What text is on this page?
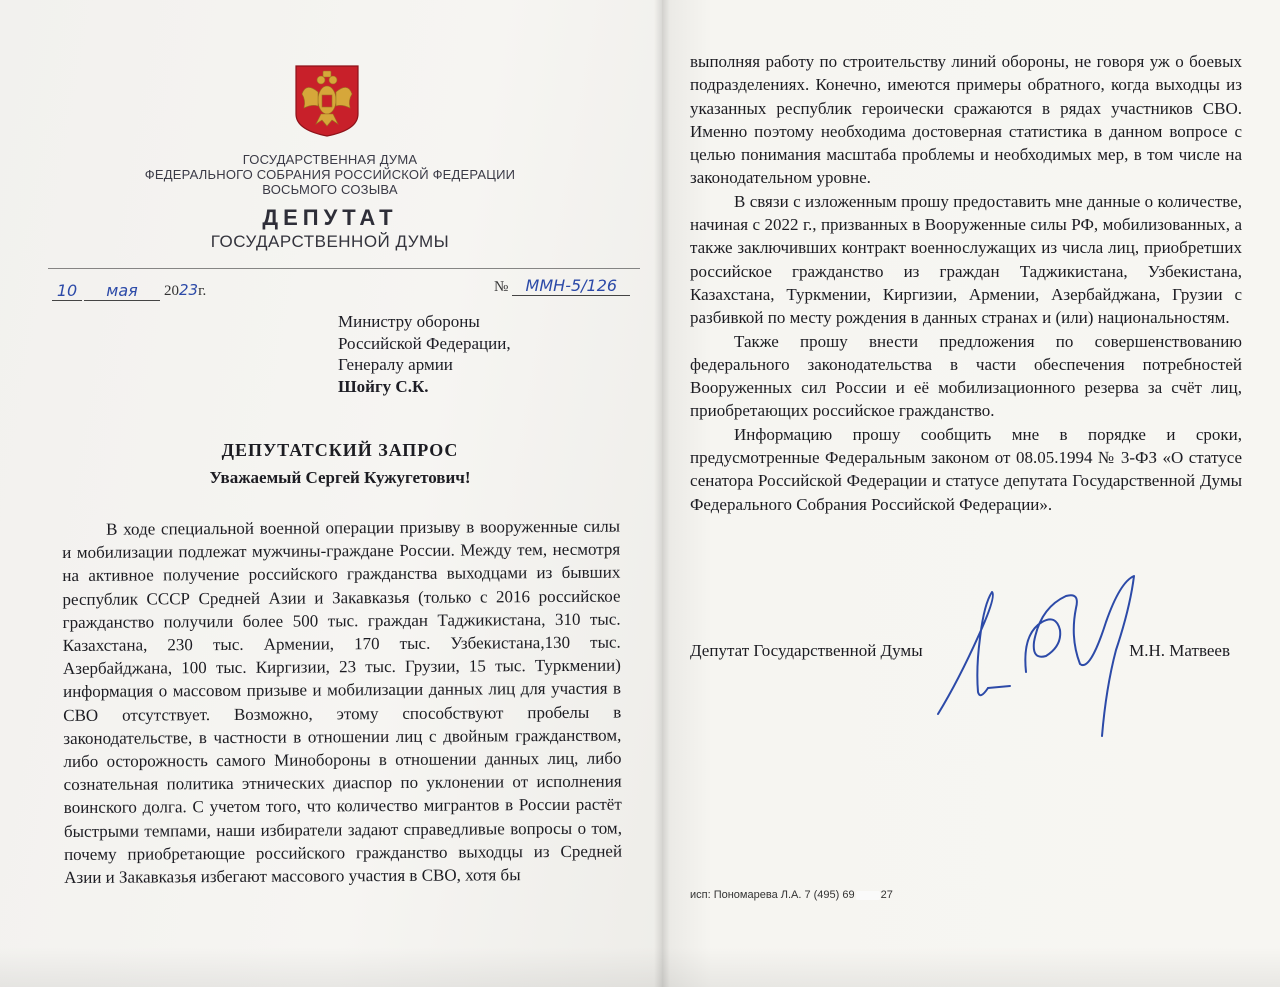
ГОСУДАРСТВЕННАЯ ДУМА
ФЕДЕРАЛЬНОГО СОБРАНИЯ РОССИЙСКОЙ ФЕДЕРАЦИИ
ВОСЬМОГО СОЗЫВА
ДЕПУТАТ
ГОСУДАРСТВЕННОЙ ДУМЫ
10	мая	2023г.	№ ММН-5/126
Министру обороны
Российской Федерации,
Генералу армии
Шойгу С.К.
ДЕПУТАТСКИЙ ЗАПРОС
Уважаемый Сергей Кужугетович!

В ходе специальной военной операции призыву в вооруженные силы и мобилизации подлежат мужчины-граждане России. Между тем, несмотря на активное получение российского гражданства выходцами из бывших республик СССР Средней Азии и Закавказья (только с 2016 российское гражданство получили более 500 тыс. граждан Таджикистана, 310 тыс. Казахстана, 230 тыс. Армении, 170 тыс. Узбекистана,130 тыс. Азербайджана, 100 тыс. Киргизии, 23 тыс. Грузии, 15 тыс. Туркмении) информация о массовом призыве и мобилизации данных лиц для участия в СВО отсутствует. Возможно, этому способствуют пробелы в законодательстве, в частности в отношении лиц с двойным гражданством, либо осторожность самого Минобороны в отношении данных лиц, либо сознательная политика этнических диаспор по уклонении от исполнения воинского долга. С учетом того, что количество мигрантов в России растёт быстрыми темпами, наши избиратели задают справедливые вопросы о том, почему приобретающие российского гражданство выходцы из Средней Азии и Закавказья избегают массового участия в СВО, хотя бы

выполняя работу по строительству линий обороны, не говоря уж о боевых подразделениях. Конечно, имеются примеры обратного, когда выходцы из указанных республик героически сражаются в рядах участников СВО. Именно поэтому необходима достоверная статистика в данном вопросе с целью понимания масштаба проблемы и необходимых мер, в том числе на законодательном уровне.

В связи с изложенным прошу предоставить мне данные о количестве, начиная с 2022 г., призванных в Вооруженные силы РФ, мобилизованных, а также заключивших контракт военнослужащих из числа лиц, приобретших российское гражданство из граждан Таджикистана, Узбекистана, Казахстана, Туркмении, Киргизии, Армении, Азербайджана, Грузии с разбивкой по месту рождения в данных странах и (или) национальностям.

Также прошу внести предложения по совершенствованию федерального законодательства в части обеспечения потребностей Вооруженных сил России и её мобилизационного резерва за счёт лиц, приобретающих российское гражданство.

Информацию прошу сообщить мне в порядке и сроки, предусмотренные Федеральным законом от 08.05.1994 № 3-ФЗ «О статусе сенатора Российской Федерации и статусе депутата Государственной Думы Федерального Собрания Российской Федерации».

Депутат Государственной Думы	М.Н. Матвеев
исп: Пономарева Л.А. 7 (495) 69 27
